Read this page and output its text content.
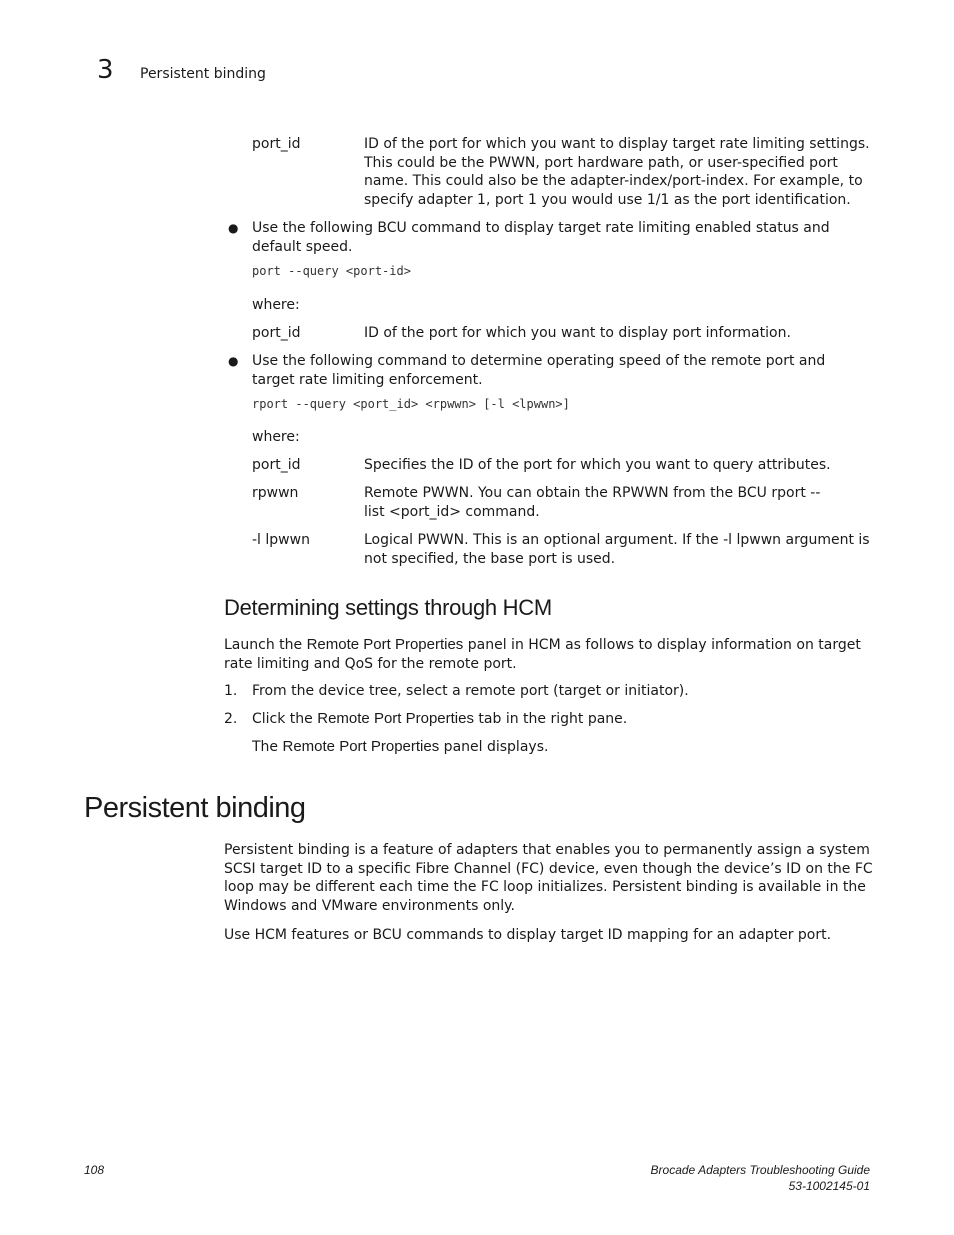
3 Persistent binding
port_id	ID of the port for which you want to display target rate limiting settings. This could be the PWWN, port hardware path, or user-specified port name. This could also be the adapter-index/port-index. For example, to specify adapter 1, port 1 you would use 1/1 as the port identification.
● Use the following BCU command to display target rate limiting enabled status and default speed.
port --query <port-id>
where:
port_id	ID of the port for which you want to display port information.
● Use the following command to determine operating speed of the remote port and target rate limiting enforcement.
rport --query <port_id> <rpwwn> [-l <lpwwn>]
where:
port_id	Specifies the ID of the port for which you want to query attributes.
rpwwn	Remote PWWN. You can obtain the RPWWN from the BCU rport --list <port_id> command.
-l lpwwn	Logical PWWN. This is an optional argument. If the -l lpwwn argument is not specified, the base port is used.
Determining settings through HCM
Launch the Remote Port Properties panel in HCM as follows to display information on target rate limiting and QoS for the remote port.
1. From the device tree, select a remote port (target or initiator).
2. Click the Remote Port Properties tab in the right pane.
The Remote Port Properties panel displays.
Persistent binding
Persistent binding is a feature of adapters that enables you to permanently assign a system SCSI target ID to a specific Fibre Channel (FC) device, even though the device’s ID on the FC loop may be different each time the FC loop initializes. Persistent binding is available in the Windows and VMware environments only.
Use HCM features or BCU commands to display target ID mapping for an adapter port.
108	Brocade Adapters Troubleshooting Guide
53-1002145-01
